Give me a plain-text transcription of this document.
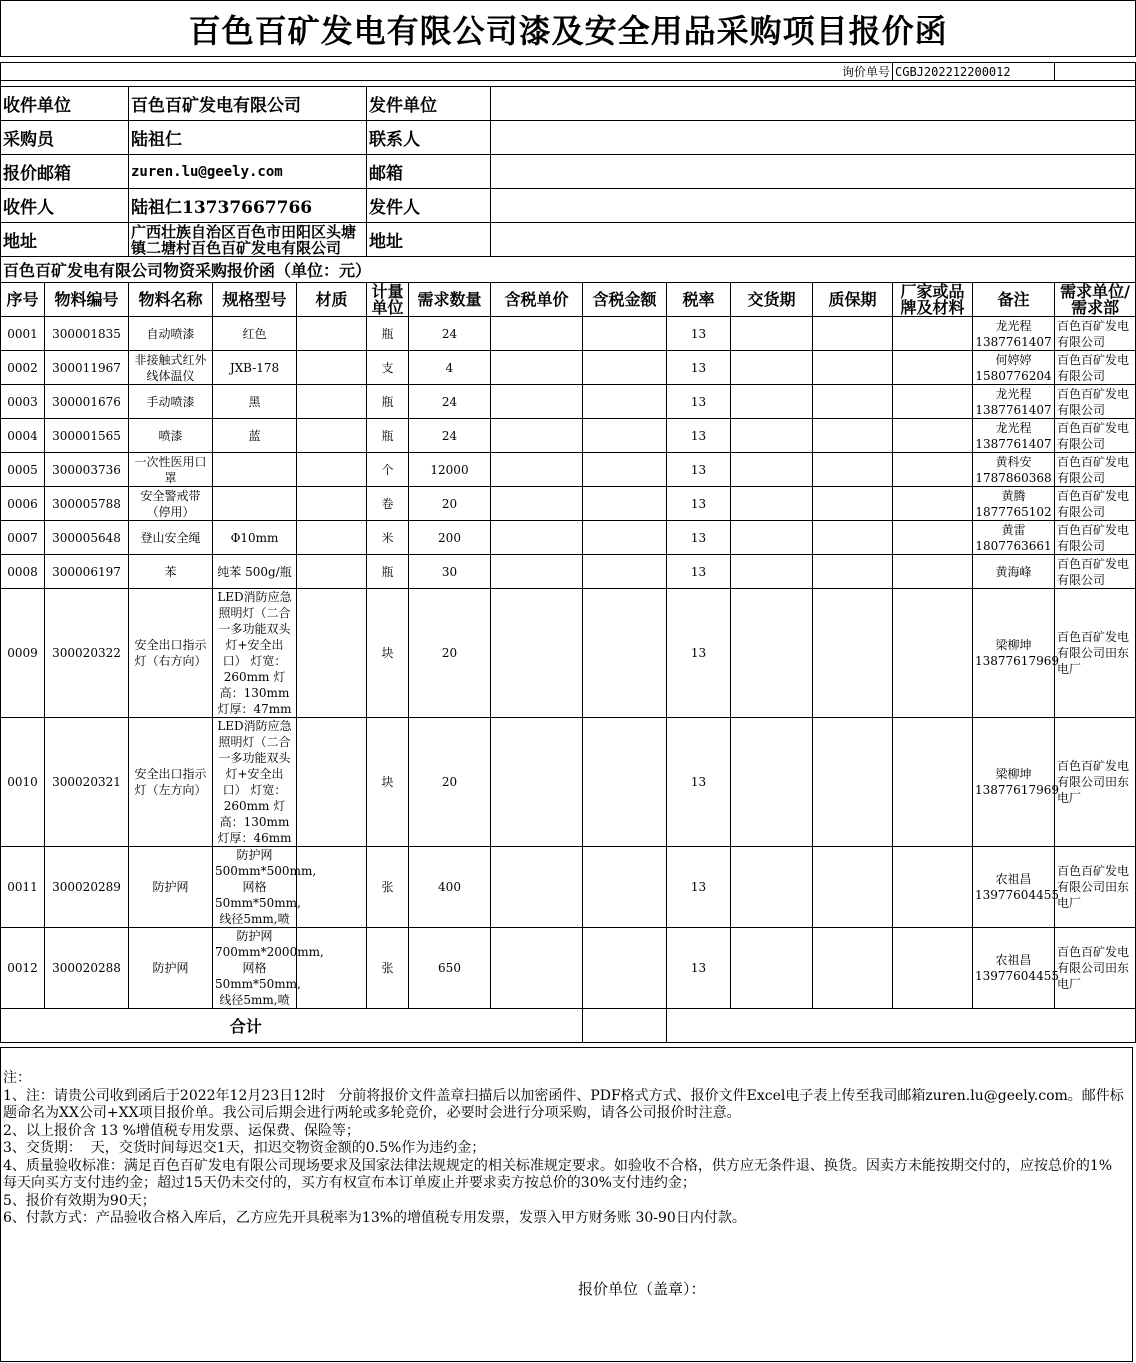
百色百矿发电有限公司漆及安全用品采购项目报价函														

											询价单号	CGBJ202212200012		

收件单位		百色百矿发电有限公司			发件单位									
采购员		陆祖仁			联系人									
报价邮箱		zuren.lu@geely.com			邮箱									
收件人		陆祖仁13737667766			发件人									
地址		广西壮族自治区百色市田阳区头塘镇二塘村百色百矿发电有限公司			地址									
百色百矿发电有限公司物资采购报价函（单位：元）														
序号	物料编号	物料名称	规格型号	材质	计量单位	需求数量	含税单价	含税金额	税率	交货期	质保期	厂家或品牌及材料	备注	需求单位/需求部
0001	300001835	自动喷漆	红色		瓶	24			13				龙光程 1387761407	百色百矿发电有限公司
0002	300011967	非接触式红外线体温仪	JXB-178		支	4			13				何婷婷 1580776204	百色百矿发电有限公司
0003	300001676	手动喷漆	黑		瓶	24			13				龙光程 1387761407	百色百矿发电有限公司
0004	300001565	喷漆	蓝		瓶	24			13				龙光程 1387761407	百色百矿发电有限公司
0005	300003736	一次性医用口罩			个	12000			13				黄科安 1787860368	百色百矿发电有限公司
0006	300005788	安全警戒带（停用）			卷	20			13				黄腾 1877765102	百色百矿发电有限公司
0007	300005648	登山安全绳	Φ10mm		米	200			13				黄雷 1807763661	百色百矿发电有限公司
0008	300006197	苯	纯苯 500g/瓶		瓶	30			13				黄海峰	百色百矿发电有限公司
0009	300020322	安全出口指示灯（右方向）	LED消防应急照明灯（二合一多功能双头灯+安全出口） 灯宽：260mm 灯高：130mm 灯厚：47mm		块	20			13				梁柳坤 13877617969	百色百矿发电有限公司田东电厂
0010	300020321	安全出口指示灯（左方向）	LED消防应急照明灯（二合一多功能双头灯+安全出口） 灯宽：260mm 灯高：130mm 灯厚：46mm		块	20			13				梁柳坤 13877617969	百色百矿发电有限公司田东电厂
0011	300020289	防护网	防护网500mm*500mm,网格50mm*50mm,线径5mm,喷		张	400			13				农祖昌 13977604455	百色百矿发电有限公司田东电厂
0012	300020288	防护网	防护网700mm*2000mm,网格50mm*50mm,线径5mm,喷		张	650			13				农祖昌 13977604455	百色百矿发电有限公司田东电厂
合计														
注：
1、注：请贵公司收到函后于2022年12月23日12时   分前将报价文件盖章扫描后以加密函件、PDF格式方式、报价文件Excel电子表上传至我司邮箱zuren.lu@geely.com。邮件标题命名为XX公司+XX项目报价单。我公司后期会进行两轮或多轮竞价，必要时会进行分项采购，请各公司报价时注意。
2、以上报价含 13 %增值税专用发票、运保费、保险等；
3、交货期：  天，交货时间每迟交1天，扣迟交物资金额的0.5%作为违约金；
4、质量验收标准：满足百色百矿发电有限公司现场要求及国家法律法规规定的相关标准规定要求。如验收不合格，供方应无条件退、换货。因卖方未能按期交付的，应按总价的1% 每天向买方支付违约金；超过15天仍未交付的，买方有权宣布本订单废止并要求卖方按总价的30%支付违约金；
5、报价有效期为90天；
6、付款方式：产品验收合格入库后，乙方应先开具税率为13%的增值税专用发票，发票入甲方财务账 30-90日内付款。
报价单位（盖章）：
